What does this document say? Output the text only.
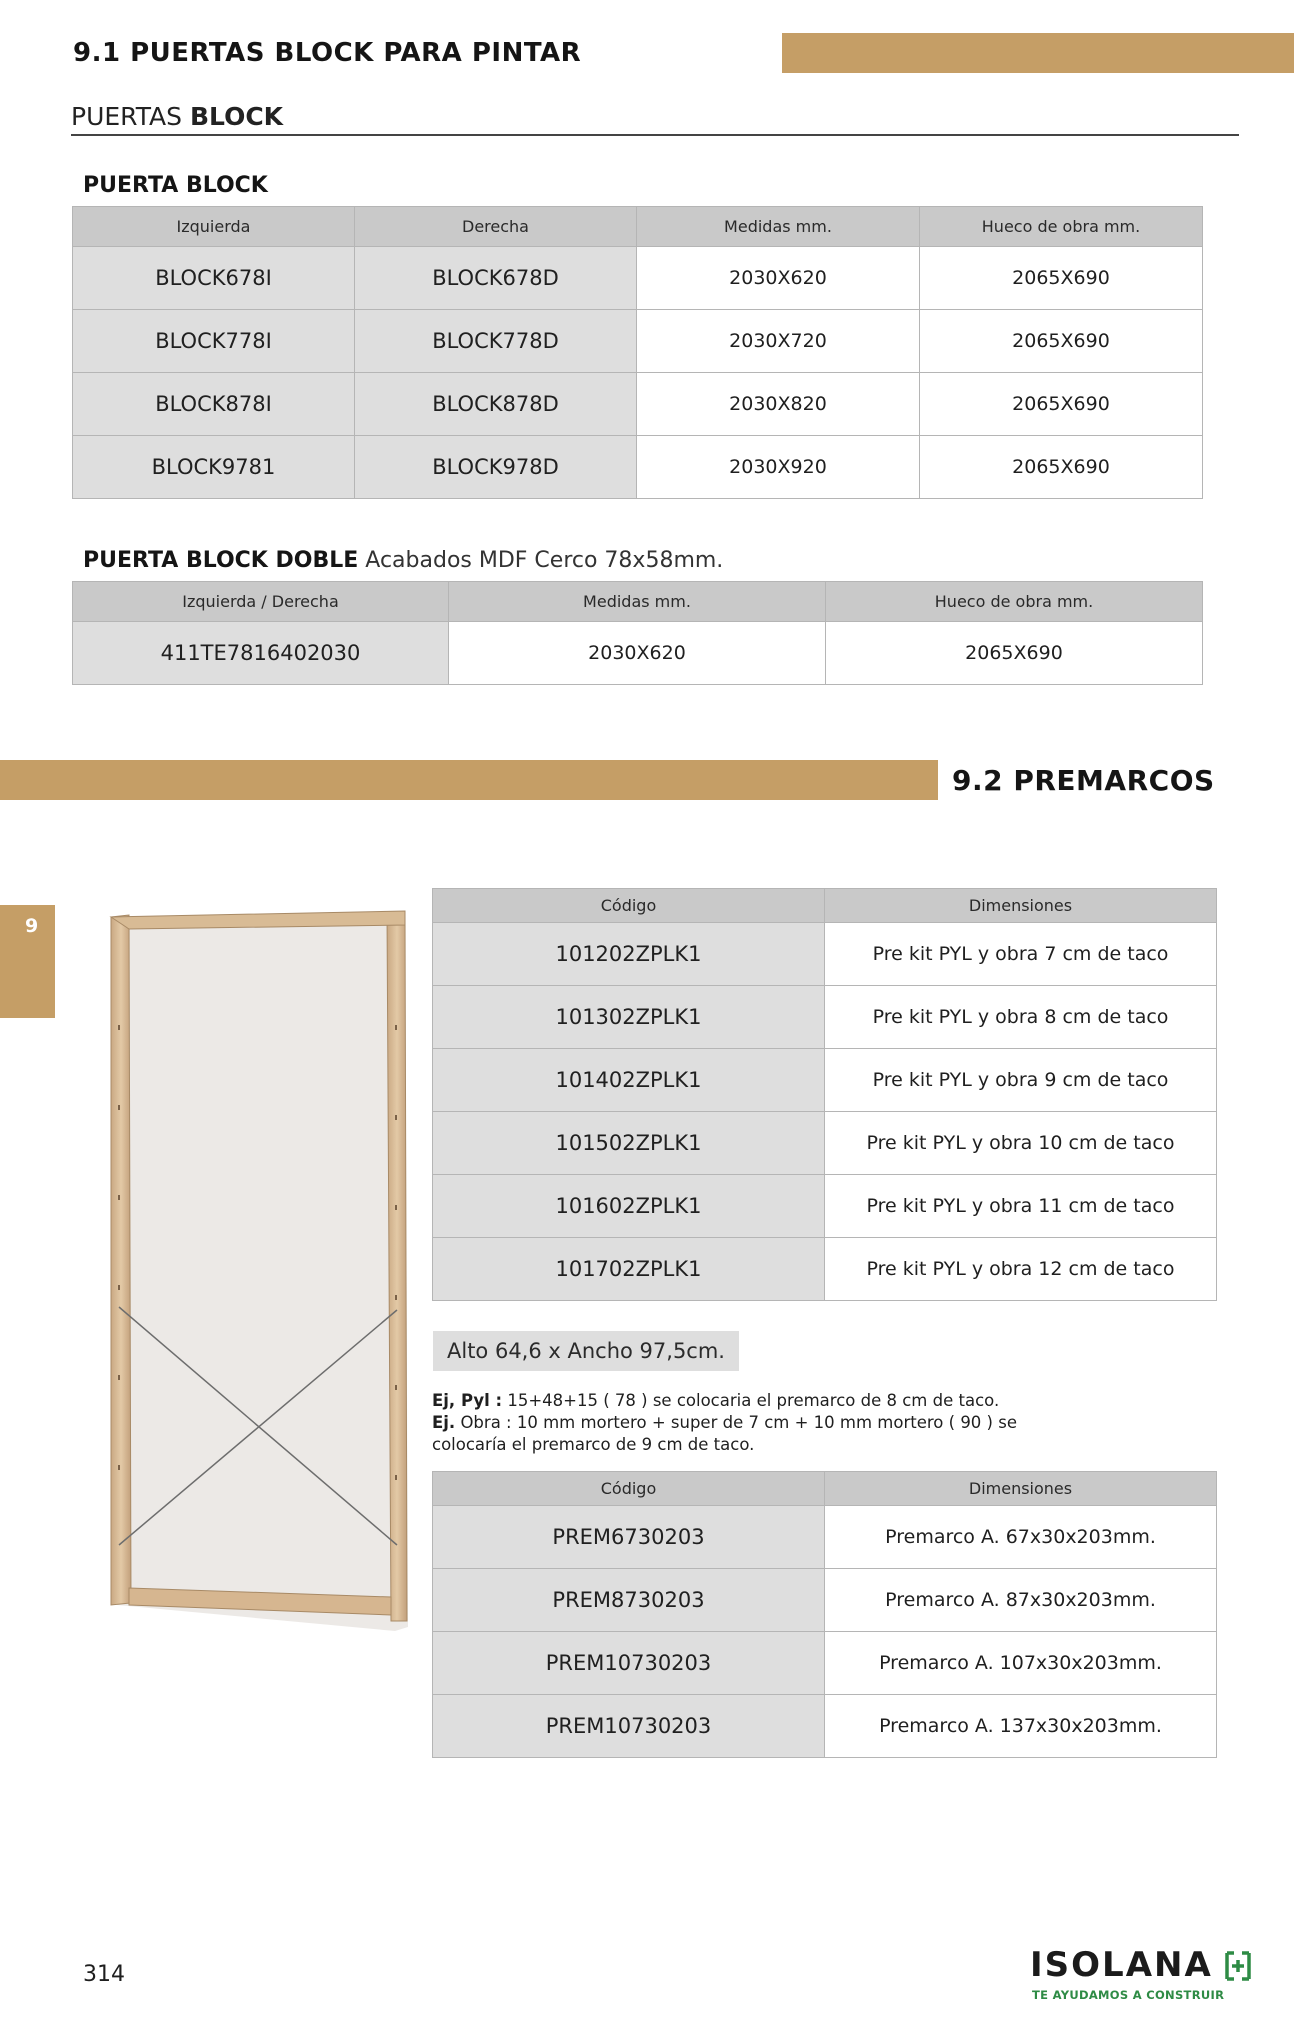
9.1 PUERTAS BLOCK PARA PINTAR
PUERTAS BLOCK
PUERTA BLOCK
Izquierda	Derecha	Medidas mm.	Hueco de obra mm.
BLOCK678I	BLOCK678D	2030X620	2065X690
BLOCK778I	BLOCK778D	2030X720	2065X690
BLOCK878I	BLOCK878D	2030X820	2065X690
BLOCK9781	BLOCK978D	2030X920	2065X690
PUERTA BLOCK DOBLE Acabados MDF Cerco 78x58mm.
Izquierda / Derecha	Medidas mm.	Hueco de obra mm.
411TE7816402030	2030X620	2065X690
9.2 PREMARCOS
9
Código	Dimensiones
101202ZPLK1	Pre kit PYL y obra 7 cm de taco
101302ZPLK1	Pre kit PYL y obra 8 cm de taco
101402ZPLK1	Pre kit PYL y obra 9 cm de taco
101502ZPLK1	Pre kit PYL y obra 10 cm de taco
101602ZPLK1	Pre kit PYL y obra 11 cm de taco
101702ZPLK1	Pre kit PYL y obra 12 cm de taco
Alto 64,6 x Ancho 97,5cm.
Ej, Pyl : 15+48+15 ( 78 ) se colocaria el premarco de 8 cm de taco.
Ej. Obra : 10 mm mortero + super de 7 cm + 10 mm mortero ( 90 ) se
colocaría el premarco de 9 cm de taco.
Código	Dimensiones
PREM6730203	Premarco A. 67x30x203mm.
PREM8730203	Premarco A. 87x30x203mm.
PREM10730203	Premarco A. 107x30x203mm.
PREM10730203	Premarco A. 137x30x203mm.
314	ISOLANA
TE AYUDAMOS A CONSTRUIR
